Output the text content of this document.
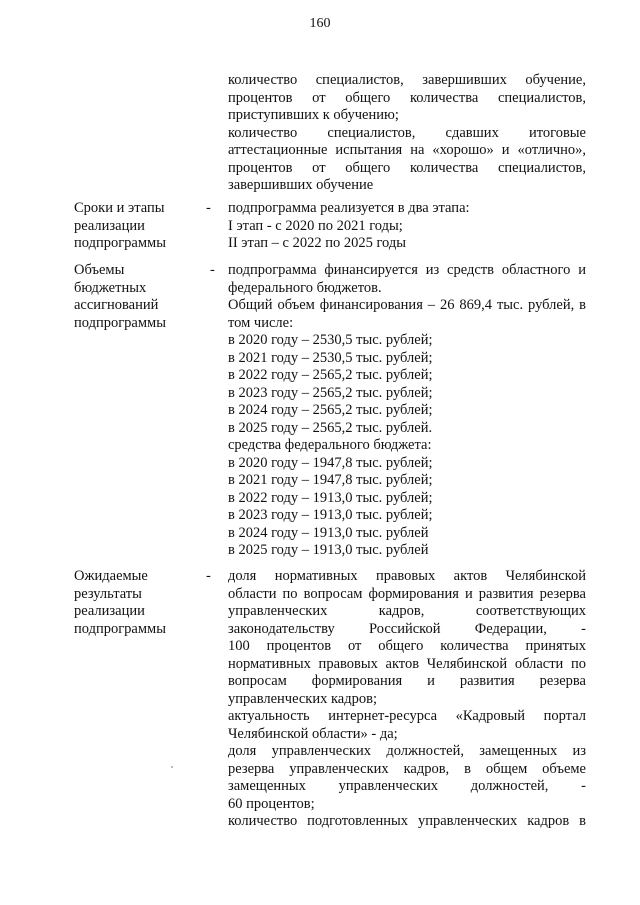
160
количество специалистов, завершивших обучение,
процентов от общего количества специалистов,
приступивших к обучению;
количество специалистов, сдавших итоговые
аттестационные испытания на «хорошо» и «отлично»,
процентов от общего количества специалистов,
завершивших обучение
Сроки и этапы
реализации
подпрограммы
- подпрограмма реализуется в два этапа:
I этап - с 2020 по 2021 годы;
II этап – с 2022 по 2025 годы
Объемы
бюджетных
ассигнований
подпрограммы
- подпрограмма финансируется из средств областного и
федерального бюджетов.
Общий объем финансирования – 26 869,4 тыс. рублей, в
том числе:
в 2020 году – 2530,5 тыс. рублей;
в 2021 году – 2530,5 тыс. рублей;
в 2022 году – 2565,2 тыс. рублей;
в 2023 году – 2565,2 тыс. рублей;
в 2024 году – 2565,2 тыс. рублей;
в 2025 году – 2565,2 тыс. рублей.
средства федерального бюджета:
в 2020 году – 1947,8 тыс. рублей;
в 2021 году – 1947,8 тыс. рублей;
в 2022 году – 1913,0 тыс. рублей;
в 2023 году – 1913,0 тыс. рублей;
в 2024 году – 1913,0 тыс. рублей
в 2025 году – 1913,0 тыс. рублей
Ожидаемые
результаты
реализации
подпрограммы
- доля нормативных правовых актов Челябинской
области по вопросам формирования и развития резерва
управленческих кадров, соответствующих
законодательству Российской Федерации, -
100 процентов от общего количества принятых
нормативных правовых актов Челябинской области по
вопросам формирования и развития резерва
управленческих кадров;
актуальность интернет-ресурса «Кадровый портал
Челябинской области» - да;
доля управленческих должностей, замещенных из
резерва управленческих кадров, в общем объеме
замещенных управленческих должностей, -
60 процентов;
количество подготовленных управленческих кадров в
